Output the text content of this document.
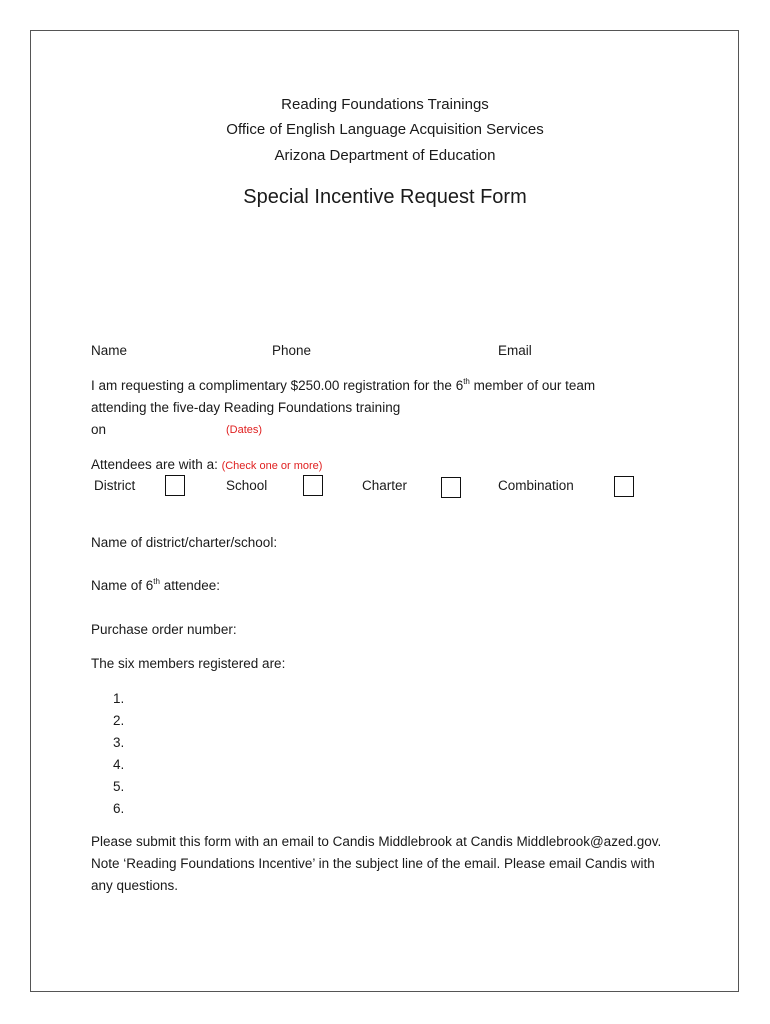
Reading Foundations Trainings
Office of English Language Acquisition Services
Arizona Department of Education
Special Incentive Request Form
Name	Phone	Email
I am requesting a complimentary $250.00 registration for the 6th member of our team
attending the five-day Reading Foundations training
on	(Dates)
Attendees are with a: (Check one or more)
District	School	Charter	Combination
Name of district/charter/school:
Name of 6th attendee:
Purchase order number:
The six members registered are:
1.
2.
3.
4.
5.
6.
Please submit this form with an email to Candis Middlebrook at Candis Middlebrook@azed.gov.
Note ‘Reading Foundations Incentive’ in the subject line of the email. Please email Candis with
any questions.
